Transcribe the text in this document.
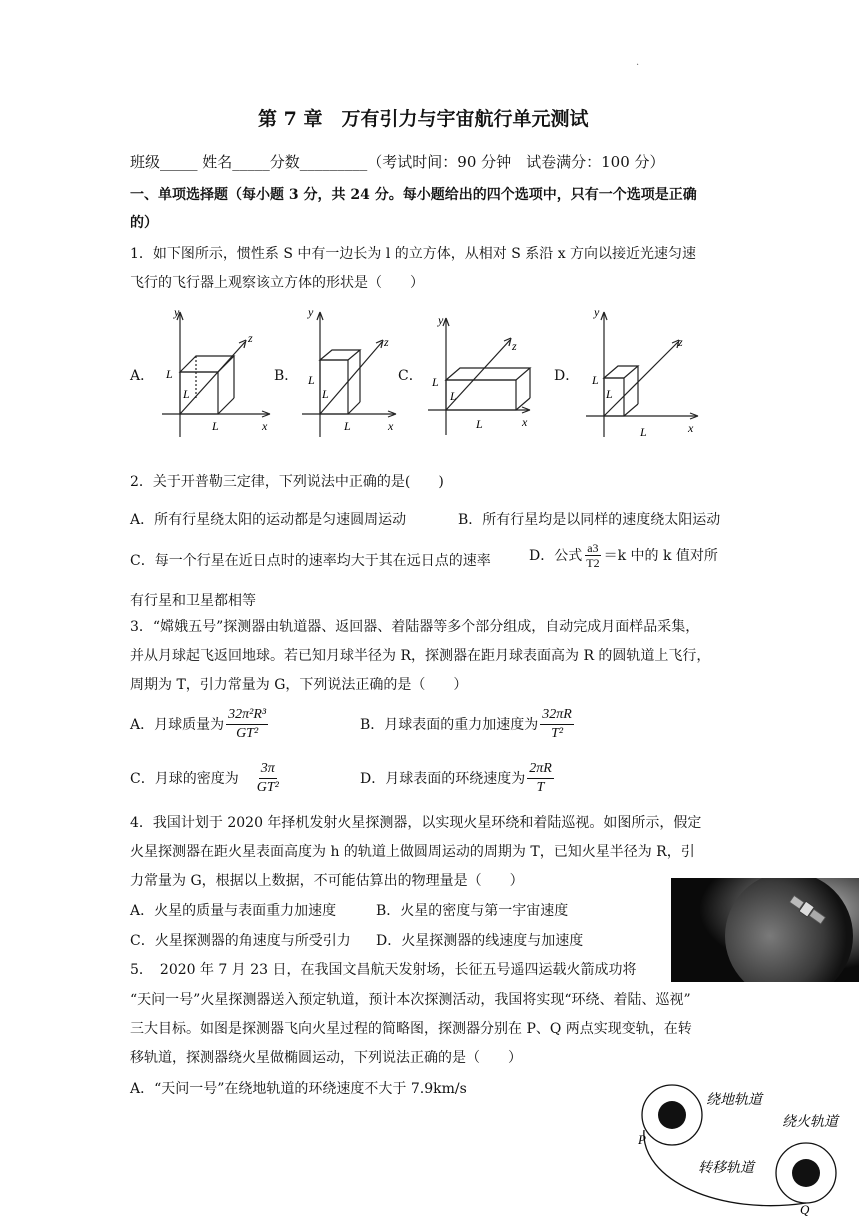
·
第 7 章　万有引力与宇宙航行单元测试
班级_____ 姓名_____分数_________（考试时间：90 分钟　试卷满分：100 分）
一、单项选择题（每小题 3 分，共 24 分。每小题给出的四个选项中，只有一个选项是正确
的）
1．如下图所示，惯性系 S 中有一边长为 l 的立方体，从相对 S 系沿 x 方向以接近光速匀速
飞行的飞行器上观察该立方体的形状是（　　）
A．	B．	C．	D．
y
z
x
L
L
L
y
z
x
L
L
L
y
z
x
L
L
L
y
z
x
L
L
L
2．关于开普勒三定律，下列说法中正确的是(　　)
A．所有行星绕太阳的运动都是匀速圆周运动	B．所有行星均是以同样的速度绕太阳运动
C．每一个行星在近日点时的速率均大于其在远日点的速率	D．公式 $\frac{a3}{T2} =k$ 中的 k 值对所
有行星和卫星都相等
3．“嫦娥五号”探测器由轨道器、返回器、着陆器等多个部分组成，自动完成月面样品采集，
并从月球起飞返回地球。若已知月球半径为 R，探测器在距月球表面高为 R 的圆轨道上飞行，
周期为 T，引力常量为 G，下列说法正确的是（　　）
A．月球质量为 $\frac{\text{32π²R³}}{\text{GT²}}$	B．月球表面的重力加速度为 $\frac{32\pi R}{\text{T²}}$
C．月球的密度为 $\frac{3\pi}{\text{GT²}}$	D．月球表面的环绕速度为 $\frac{2\pi R}{T}$
4．我国计划于 2020 年择机发射火星探测器，以实现火星环绕和着陆巡视。如图所示，假定
火星探测器在距火星表面高度为 h 的轨道上做圆周运动的周期为 T，已知火星半径为 R，引
力常量为 G，根据以上数据，不可能估算出的物理量是（　　）
A．火星的质量与表面重力加速度	B．火星的密度与第一宇宙速度
C．火星探测器的角速度与所受引力 D．火星探测器的线速度与加速度
5．　2020 年 7 月 23 日，在我国文昌航天发射场，长征五号遥四运载火箭成功将
“天问一号”火星探测器送入预定轨道，预计本次探测活动，我国将实现“环绕、着陆、巡视”
三大目标。如图是探测器飞向火星过程的简略图，探测器分别在 P、Q 两点实现变轨，在转
移轨道，探测器绕火星做椭圆运动，下列说法正确的是（　　）
A．“天问一号”在绕地轨道的环绕速度不大于 7.9km/s
绕地轨道
绕火轨道
转移轨道
P
Q
